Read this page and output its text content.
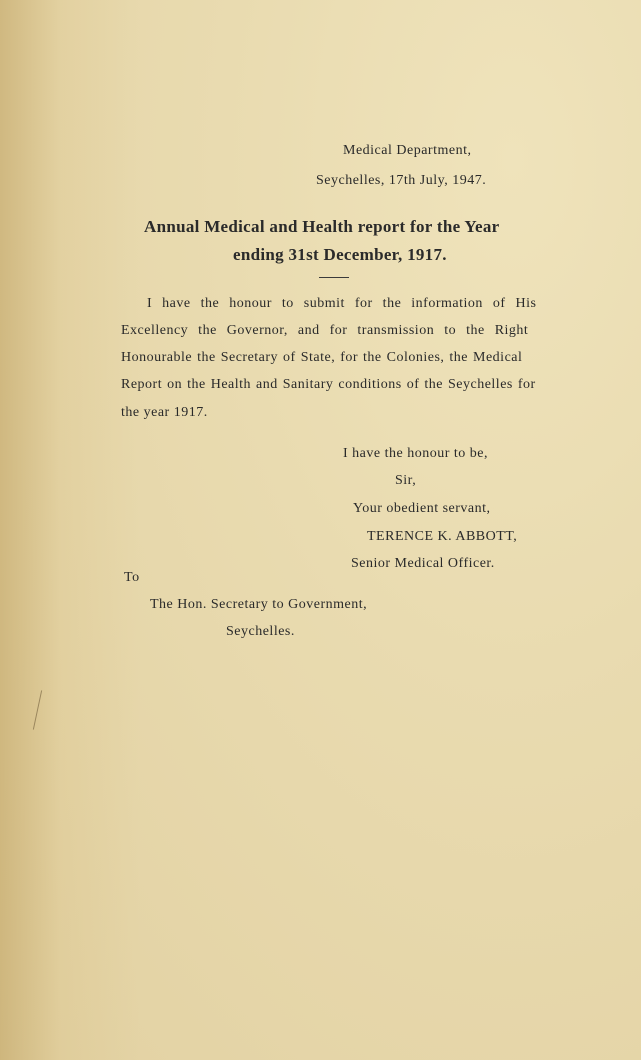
Medical Department,
Seychelles, 17th July, 1947.
Annual Medical and Health report for the Year
ending 31st December, 1917.
I have the honour to submit for the information of His
Excellency the Governor, and for transmission to the Right
Honourable the Secretary of State, for the Colonies, the Medical
Report on the Health and Sanitary conditions of the Seychelles for
the year 1917.
I have the honour to be,
Sir,
Your obedient servant,
TERENCE K. ABBOTT,
Senior Medical Officer.
To
The Hon. Secretary to Government,
Seychelles.
